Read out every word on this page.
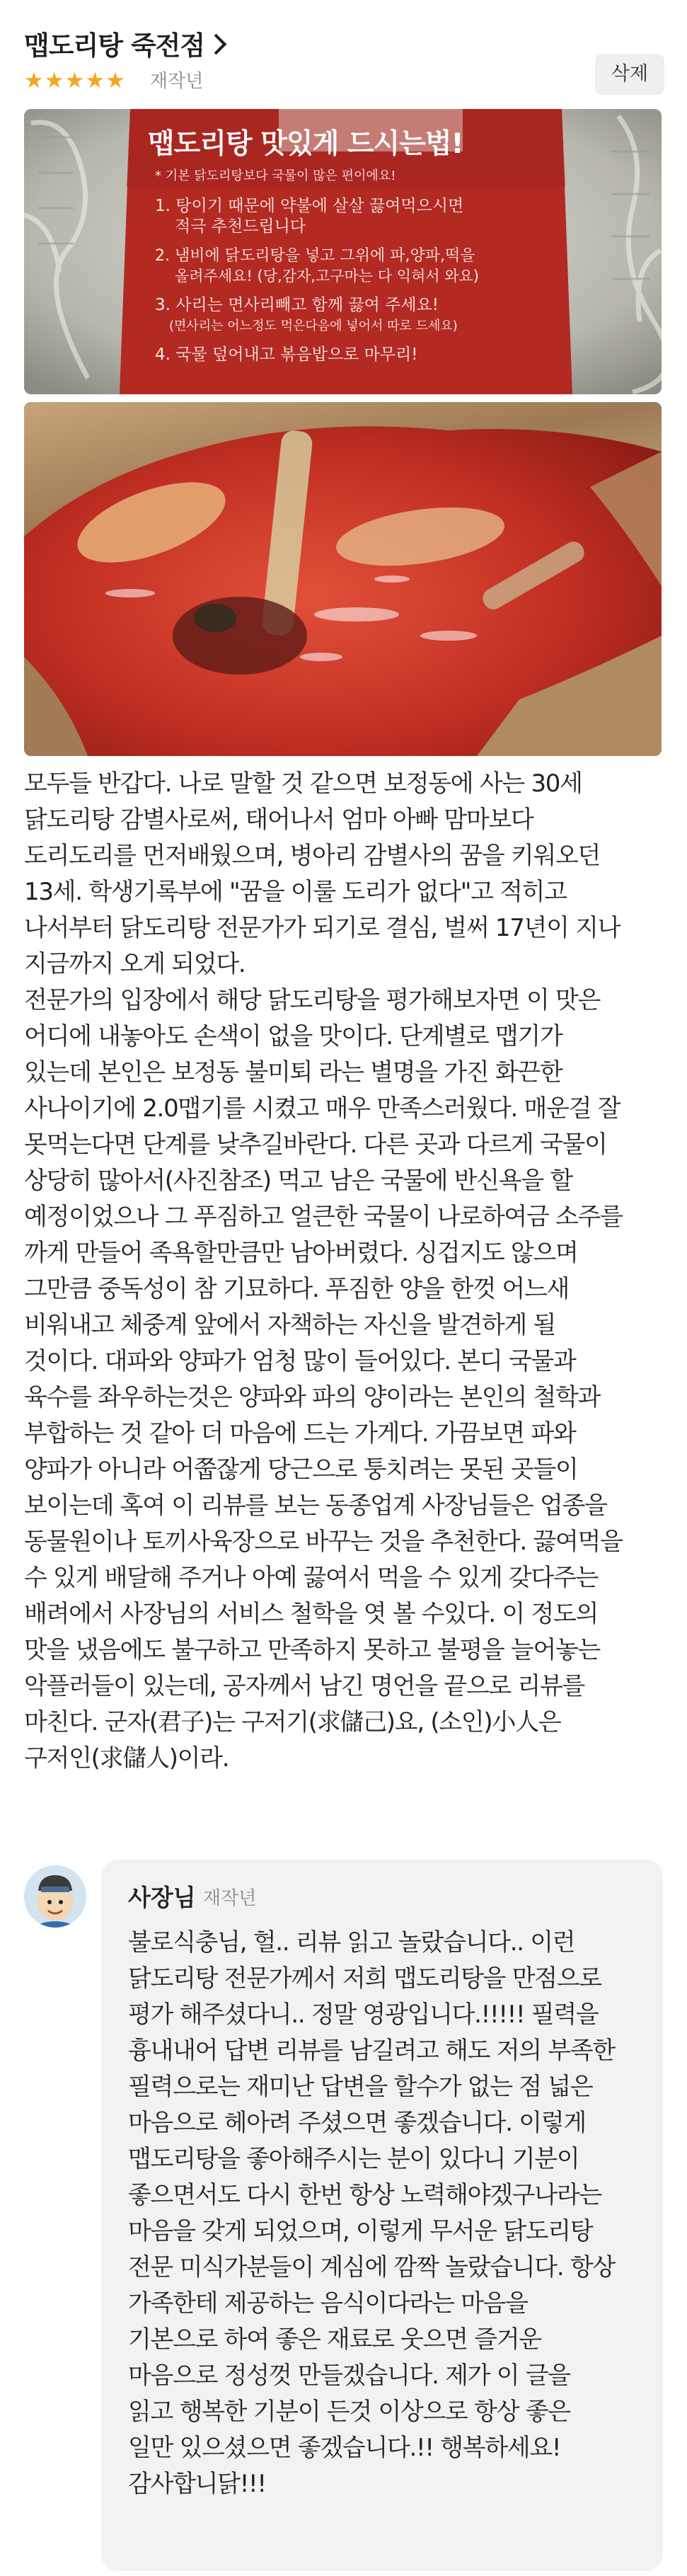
맵도리탕 죽전점
★★★★★ 재작년	삭제
맵도리탕 맛있게 드시는법!
* 기본 닭도리탕보다 국물이 많은 편이에요!
1. 탕이기 때문에 약불에 살살 끓여먹으시면
적극 추천드립니다
2. 냄비에 닭도리탕을 넣고 그위에 파,양파,떡을
올려주세요! (당,감자,고구마는 다 익혀서 와요)
3. 사리는 면사리빼고 함께 끓여 주세요!
(면사리는 어느정도 먹은다음에 넣어서 따로 드세요)
4. 국물 덮어내고 볶음밥으로 마무리!
모두들 반갑다. 나로 말할 것 같으면 보정동에 사는 30세
닭도리탕 감별사로써, 태어나서 엄마 아빠 맘마보다
도리도리를 먼저배웠으며, 병아리 감별사의 꿈을 키워오던
13세. 학생기록부에 "꿈을 이룰 도리가 없다"고 적히고
나서부터 닭도리탕 전문가가 되기로 결심, 벌써 17년이 지나
지금까지 오게 되었다.
전문가의 입장에서 해당 닭도리탕을 평가해보자면 이 맛은
어디에 내놓아도 손색이 없을 맛이다. 단계별로 맵기가
있는데 본인은 보정동 불미퇴 라는 별명을 가진 화끈한
사나이기에 2.0맵기를 시켰고 매우 만족스러웠다. 매운걸 잘
못먹는다면 단계를 낮추길바란다. 다른 곳과 다르게 국물이
상당히 많아서(사진참조) 먹고 남은 국물에 반신욕을 할
예정이었으나 그 푸짐하고 얼큰한 국물이 나로하여금 소주를
까게 만들어 족욕할만큼만 남아버렸다. 싱겁지도 않으며
그만큼 중독성이 참 기묘하다. 푸짐한 양을 한껏 어느새
비워내고 체중계 앞에서 자책하는 자신을 발견하게 될
것이다. 대파와 양파가 엄청 많이 들어있다. 본디 국물과
육수를 좌우하는것은 양파와 파의 양이라는 본인의 철학과
부합하는 것 같아 더 마음에 드는 가게다. 가끔보면 파와
양파가 아니라 어쭙잖게 당근으로 퉁치려는 못된 곳들이
보이는데 혹여 이 리뷰를 보는 동종업계 사장님들은 업종을
동물원이나 토끼사육장으로 바꾸는 것을 추천한다. 끓여먹을
수 있게 배달해 주거나 아예 끓여서 먹을 수 있게 갖다주는
배려에서 사장님의 서비스 철학을 엿 볼 수있다. 이 정도의
맛을 냈음에도 불구하고 만족하지 못하고 불평을 늘어놓는
악플러들이 있는데, 공자께서 남긴 명언을 끝으로 리뷰를
마친다. 군자(君子)는 구저기(求儲己)요, (소인)小人은
구저인(求儲人)이라.
사장님 재작년
불로식충님, 헐.. 리뷰 읽고 놀랐습니다.. 이런
닭도리탕 전문가께서 저희 맵도리탕을 만점으로
평가 해주셨다니.. 정말 영광입니다.!!!!! 필력을
흉내내어 답변 리뷰를 남길려고 해도 저의 부족한
필력으로는 재미난 답변을 할수가 없는 점 넓은
마음으로 헤아려 주셨으면 좋겠습니다. 이렇게
맵도리탕을 좋아해주시는 분이 있다니 기분이
좋으면서도 다시 한번 항상 노력해야겠구나라는
마음을 갖게 되었으며, 이렇게 무서운 닭도리탕
전문 미식가분들이 계심에 깜짝 놀랐습니다. 항상
가족한테 제공하는 음식이다라는 마음을
기본으로 하여 좋은 재료로 웃으면 즐거운
마음으로 정성껏 만들겠습니다. 제가 이 글을
읽고 행복한 기분이 든것 이상으로 항상 좋은
일만 있으셨으면 좋겠습니다.!! 행복하세요!
감사합니닭!!!
